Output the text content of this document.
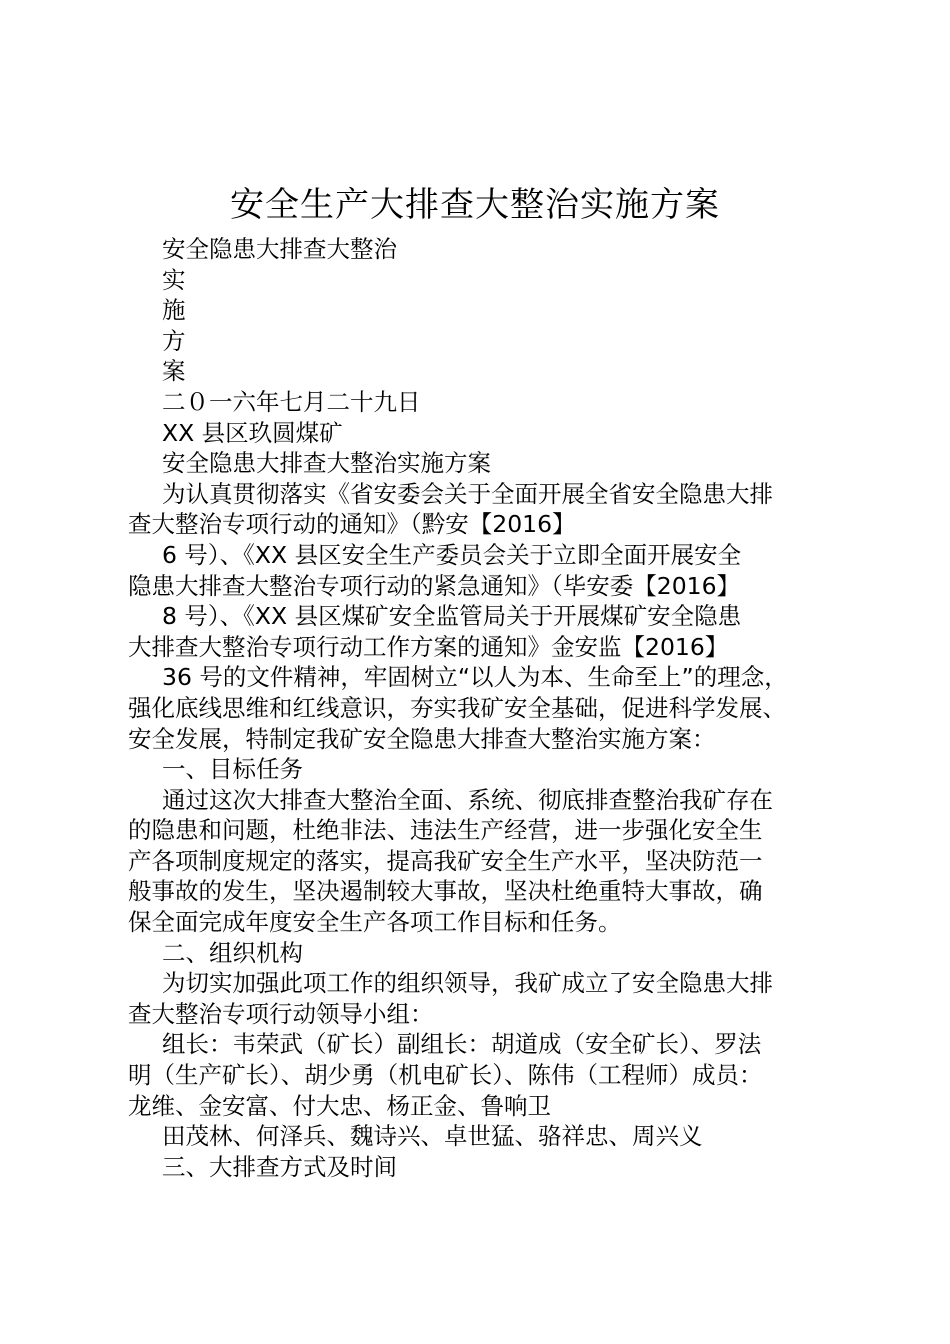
安全生产大排查大整治实施方案
安全隐患大排查大整治
实
施
方
案
二０一六年七月二十九日
XX 县区玖圆煤矿
安全隐患大排查大整治实施方案
为认真贯彻落实《省安委会关于全面开展全省安全隐患大排
查大整治专项行动的通知》（黔安【2016】
6 号）、《XX 县区安全生产委员会关于立即全面开展安全
隐患大排查大整治专项行动的紧急通知》（毕安委【2016】
8 号）、《XX 县区煤矿安全监管局关于开展煤矿安全隐患
大排查大整治专项行动工作方案的通知》金安监【2016】
36 号的文件精神，牢固树立“以人为本、生命至上”的理念，
强化底线思维和红线意识，夯实我矿安全基础，促进科学发展、
安全发展，特制定我矿安全隐患大排查大整治实施方案：
一、目标任务
通过这次大排查大整治全面、系统、彻底排查整治我矿存在
的隐患和问题，杜绝非法、违法生产经营，进一步强化安全生
产各项制度规定的落实，提高我矿安全生产水平，坚决防范一
般事故的发生，坚决遏制较大事故，坚决杜绝重特大事故，确
保全面完成年度安全生产各项工作目标和任务。
二、组织机构
为切实加强此项工作的组织领导，我矿成立了安全隐患大排
查大整治专项行动领导小组：
组长：韦荣武（矿长）副组长：胡道成（安全矿长）、罗法
明（生产矿长）、胡少勇（机电矿长）、陈伟（工程师）成员：
龙维、金安富、付大忠、杨正金、鲁响卫
田茂林、何泽兵、魏诗兴、卓世猛、骆祥忠、周兴义
三、大排查方式及时间
